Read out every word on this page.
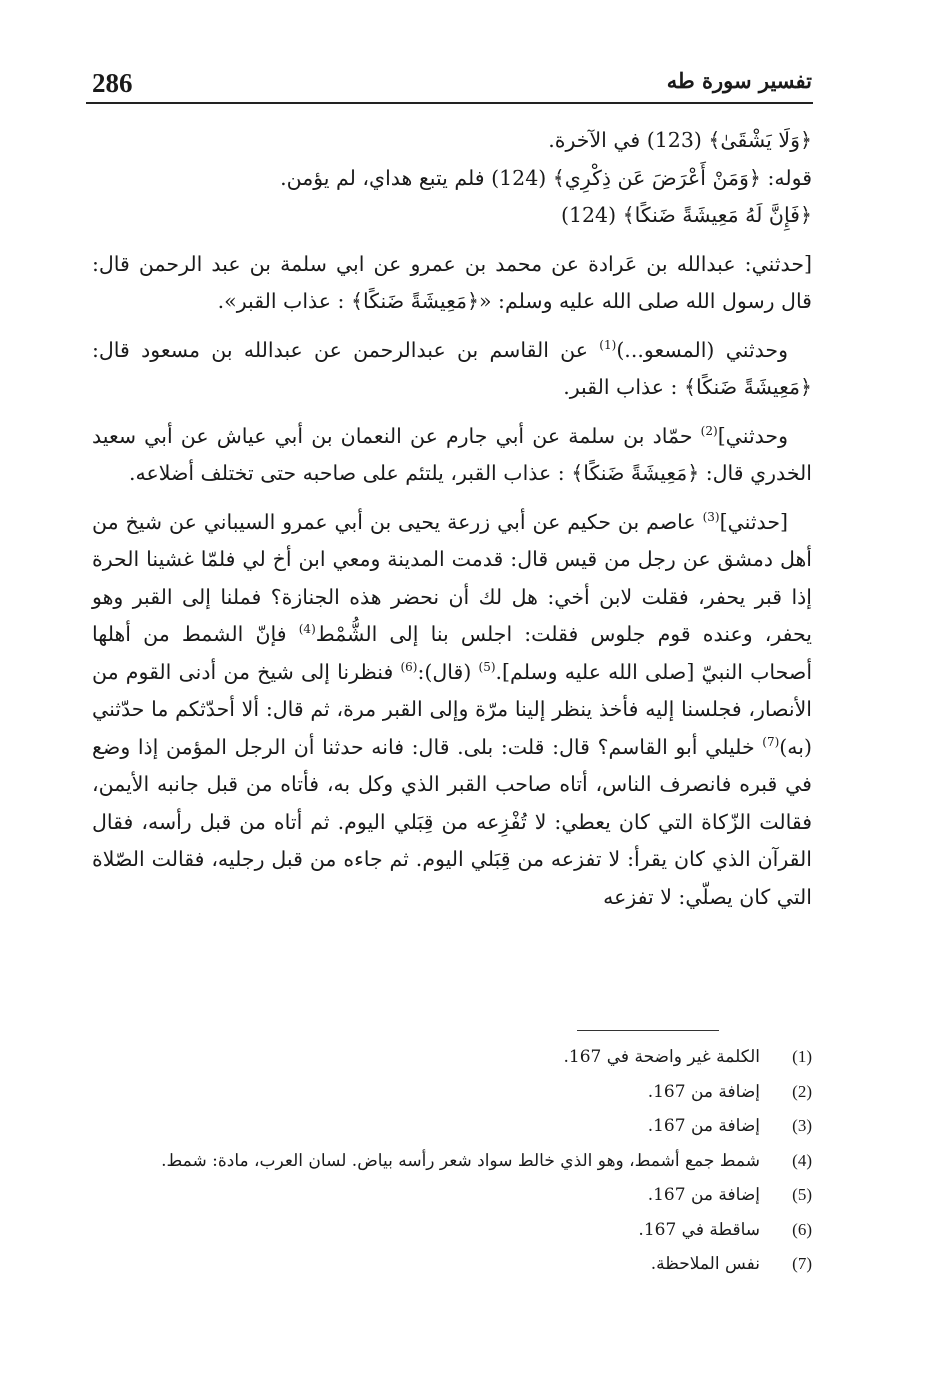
286	تفسير سورة طه

﴿وَلَا يَشْقَىٰ﴾ (123) في الآخرة.

قوله: ﴿وَمَنْ أَعْرَضَ عَن ذِكْرِي﴾ (124) فلم يتبع هداي، لم يؤمن.

﴿فَإِنَّ لَهُ مَعِيشَةً ضَنكًا﴾ (124)

[حدثني: عبدالله بن عَرادة عن محمد بن عمرو عن ابي سلمة بن عبد الرحمن قال: قال رسول الله صلى الله عليه وسلم: «﴿مَعِيشَةً ضَنكًا﴾ : عذاب القبر».

وحدثني (المسعو...)$^{(1)}$ عن القاسم بن عبدالرحمن عن عبدالله بن مسعود قال: ﴿مَعِيشَةً ضَنكًا﴾ : عذاب القبر.

وحدثني]$^{(2)}$ حمّاد بن سلمة عن أبي جارم عن النعمان بن أبي عياش عن أبي سعيد الخدري قال: ﴿مَعِيشَةً ضَنكًا﴾ : عذاب القبر، يلتئم على صاحبه حتى تختلف أضلاعه.

[حدثني]$^{(3)}$ عاصم بن حكيم عن أبي زرعة يحيى بن أبي عمرو السيباني عن شيخ من أهل دمشق عن رجل من قيس قال: قدمت المدينة ومعي ابن أخ لي فلمّا غشينا الحرة إذا قبر يحفر، فقلت لابن أخي: هل لك أن نحضر هذه الجنازة؟ فملنا إلى القبر وهو يحفر، وعنده قوم جلوس فقلت: اجلس بنا إلى الشُّمْط$^{(4)}$ فإنّ الشمط من أهلها أصحاب النبيّ [صلى الله عليه وسلم].$^{(5)}$ (قال):$^{(6)}$ فنظرنا إلى شيخ من أدنى القوم من الأنصار، فجلسنا إليه فأخذ ينظر إلينا مرّة وإلى القبر مرة، ثم قال: ألا أحدّثكم ما حدّثني (به)$^{(7)}$ خليلي أبو القاسم؟ قال: قلت: بلى. قال: فانه حدثنا أن الرجل المؤمن إذا وضع في قبره فانصرف الناس، أتاه صاحب القبر الذي وكل به، فأتاه من قبل جانبه الأيمن، فقالت الزّكاة التي كان يعطي: لا تُفْزِعه من قِبَلي اليوم. ثم أتاه من قبل رأسه، فقال القرآن الذي كان يقرأ: لا تفزعه من قِبَلي اليوم. ثم جاءه من قبل رجليه، فقالت الصّلاة التي كان يصلّي: لا تفزعه

(1)
الكلمة غير واضحة في 167.
(2)
إضافة من 167.
(3)
إضافة من 167.
(4)
شمط جمع أشمط، وهو الذي خالط سواد شعر رأسه بياض. لسان العرب، مادة: شمط.
(5)
إضافة من 167.
(6)
ساقطة في 167.
(7)
نفس الملاحظة.
